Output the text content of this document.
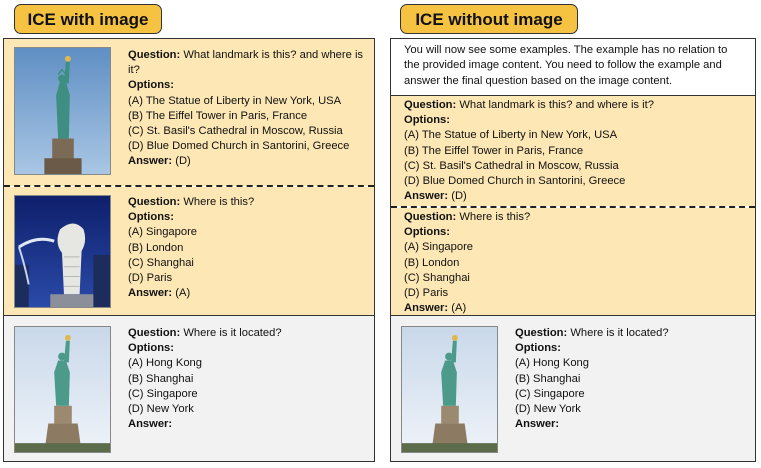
ICE with image
Question: What landmark is this? and where is it?
Options:
(A) The Statue of Liberty in New York, USA
(B) The Eiffel Tower in Paris, France
(C) St. Basil's Cathedral in Moscow, Russia
(D) Blue Domed Church in Santorini, Greece
Answer: (D)
Question: Where is this?
Options:
(A) Singapore
(B) London
(C) Shanghai
(D) Paris
Answer: (A)
Question: Where is it located?
Options:
(A) Hong Kong
(B) Shanghai
(C) Singapore
(D) New York
Answer:
ICE without image
You will now see some examples. The example has no relation to the provided image content. You need to follow the example and answer the final question based on the image content.
Question: What landmark is this? and where is it?
Options:
(A) The Statue of Liberty in New York, USA
(B) The Eiffel Tower in Paris, France
(C) St. Basil's Cathedral in Moscow, Russia
(D) Blue Domed Church in Santorini, Greece
Answer: (D)
Question: Where is this?
Options:
(A) Singapore
(B) London
(C) Shanghai
(D) Paris
Answer: (A)
Question: Where is it located?
Options:
(A) Hong Kong
(B) Shanghai
(C) Singapore
(D) New York
Answer:
